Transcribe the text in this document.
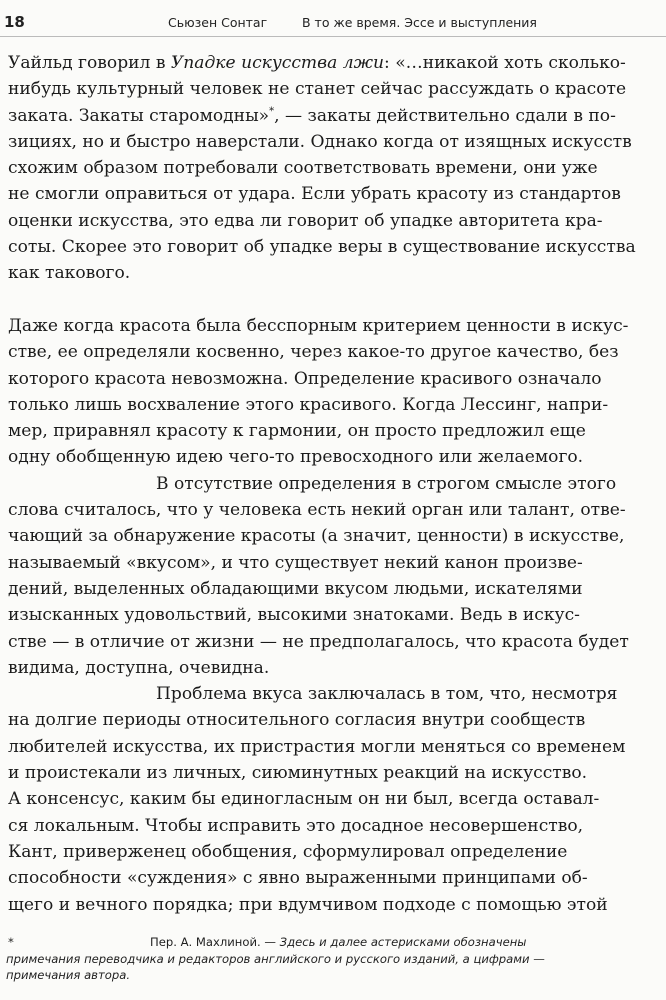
18	Сьюзен Сонтаг	В то же время. Эссе и выступления
Уайльд говорил в Упадке искусства лжи: «…никакой хоть сколько-
нибудь культурный человек не станет сейчас рассуждать о красоте
заката. Закаты старомодны»*, — закаты действительно сдали в по-
зициях, но и быстро наверстали. Однако когда от изящных искусств
схожим образом потребовали соответствовать времени, они уже
не смогли оправиться от удара. Если убрать красоту из стандартов
оценки искусства, это едва ли говорит об упадке авторитета кра-
соты. Скорее это говорит об упадке веры в существование искусства
как такового.
Даже когда красота была бесспорным критерием ценности в искус-
стве, ее определяли косвенно, через какое-то другое качество, без
которого красота невозможна. Определение красивого означало
только лишь восхваление этого красивого. Когда Лессинг, напри-
мер, приравнял красоту к гармонии, он просто предложил еще
одну обобщенную идею чего-то превосходного или желаемого.
В отсутствие определения в строгом смысле этого
слова считалось, что у человека есть некий орган или талант, отве-
чающий за обнаружение красоты (а значит, ценности) в искусстве,
называемый «вкусом», и что существует некий канон произве-
дений, выделенных обладающими вкусом людьми, искателями
изысканных удовольствий, высокими знатоками. Ведь в искус-
стве — в отличие от жизни — не предполагалось, что красота будет
видима, доступна, очевидна.
Проблема вкуса заключалась в том, что, несмотря
на долгие периоды относительного согласия внутри сообществ
любителей искусства, их пристрастия могли меняться со временем
и проистекали из личных, сиюминутных реакций на искусство.
А консенсус, каким бы единогласным он ни был, всегда оставал-
ся локальным. Чтобы исправить это досадное несовершенство,
Кант, приверженец обобщения, сформулировал определение
способности «суждения» с явно выраженными принципами об-
щего и вечного порядка; при вдумчивом подходе с помощью этой
*	Пер. А. Махлиной. — Здесь и далее астерисками обозначены
примечания переводчика и редакторов английского и русского изданий, а цифрами —
примечания автора.
